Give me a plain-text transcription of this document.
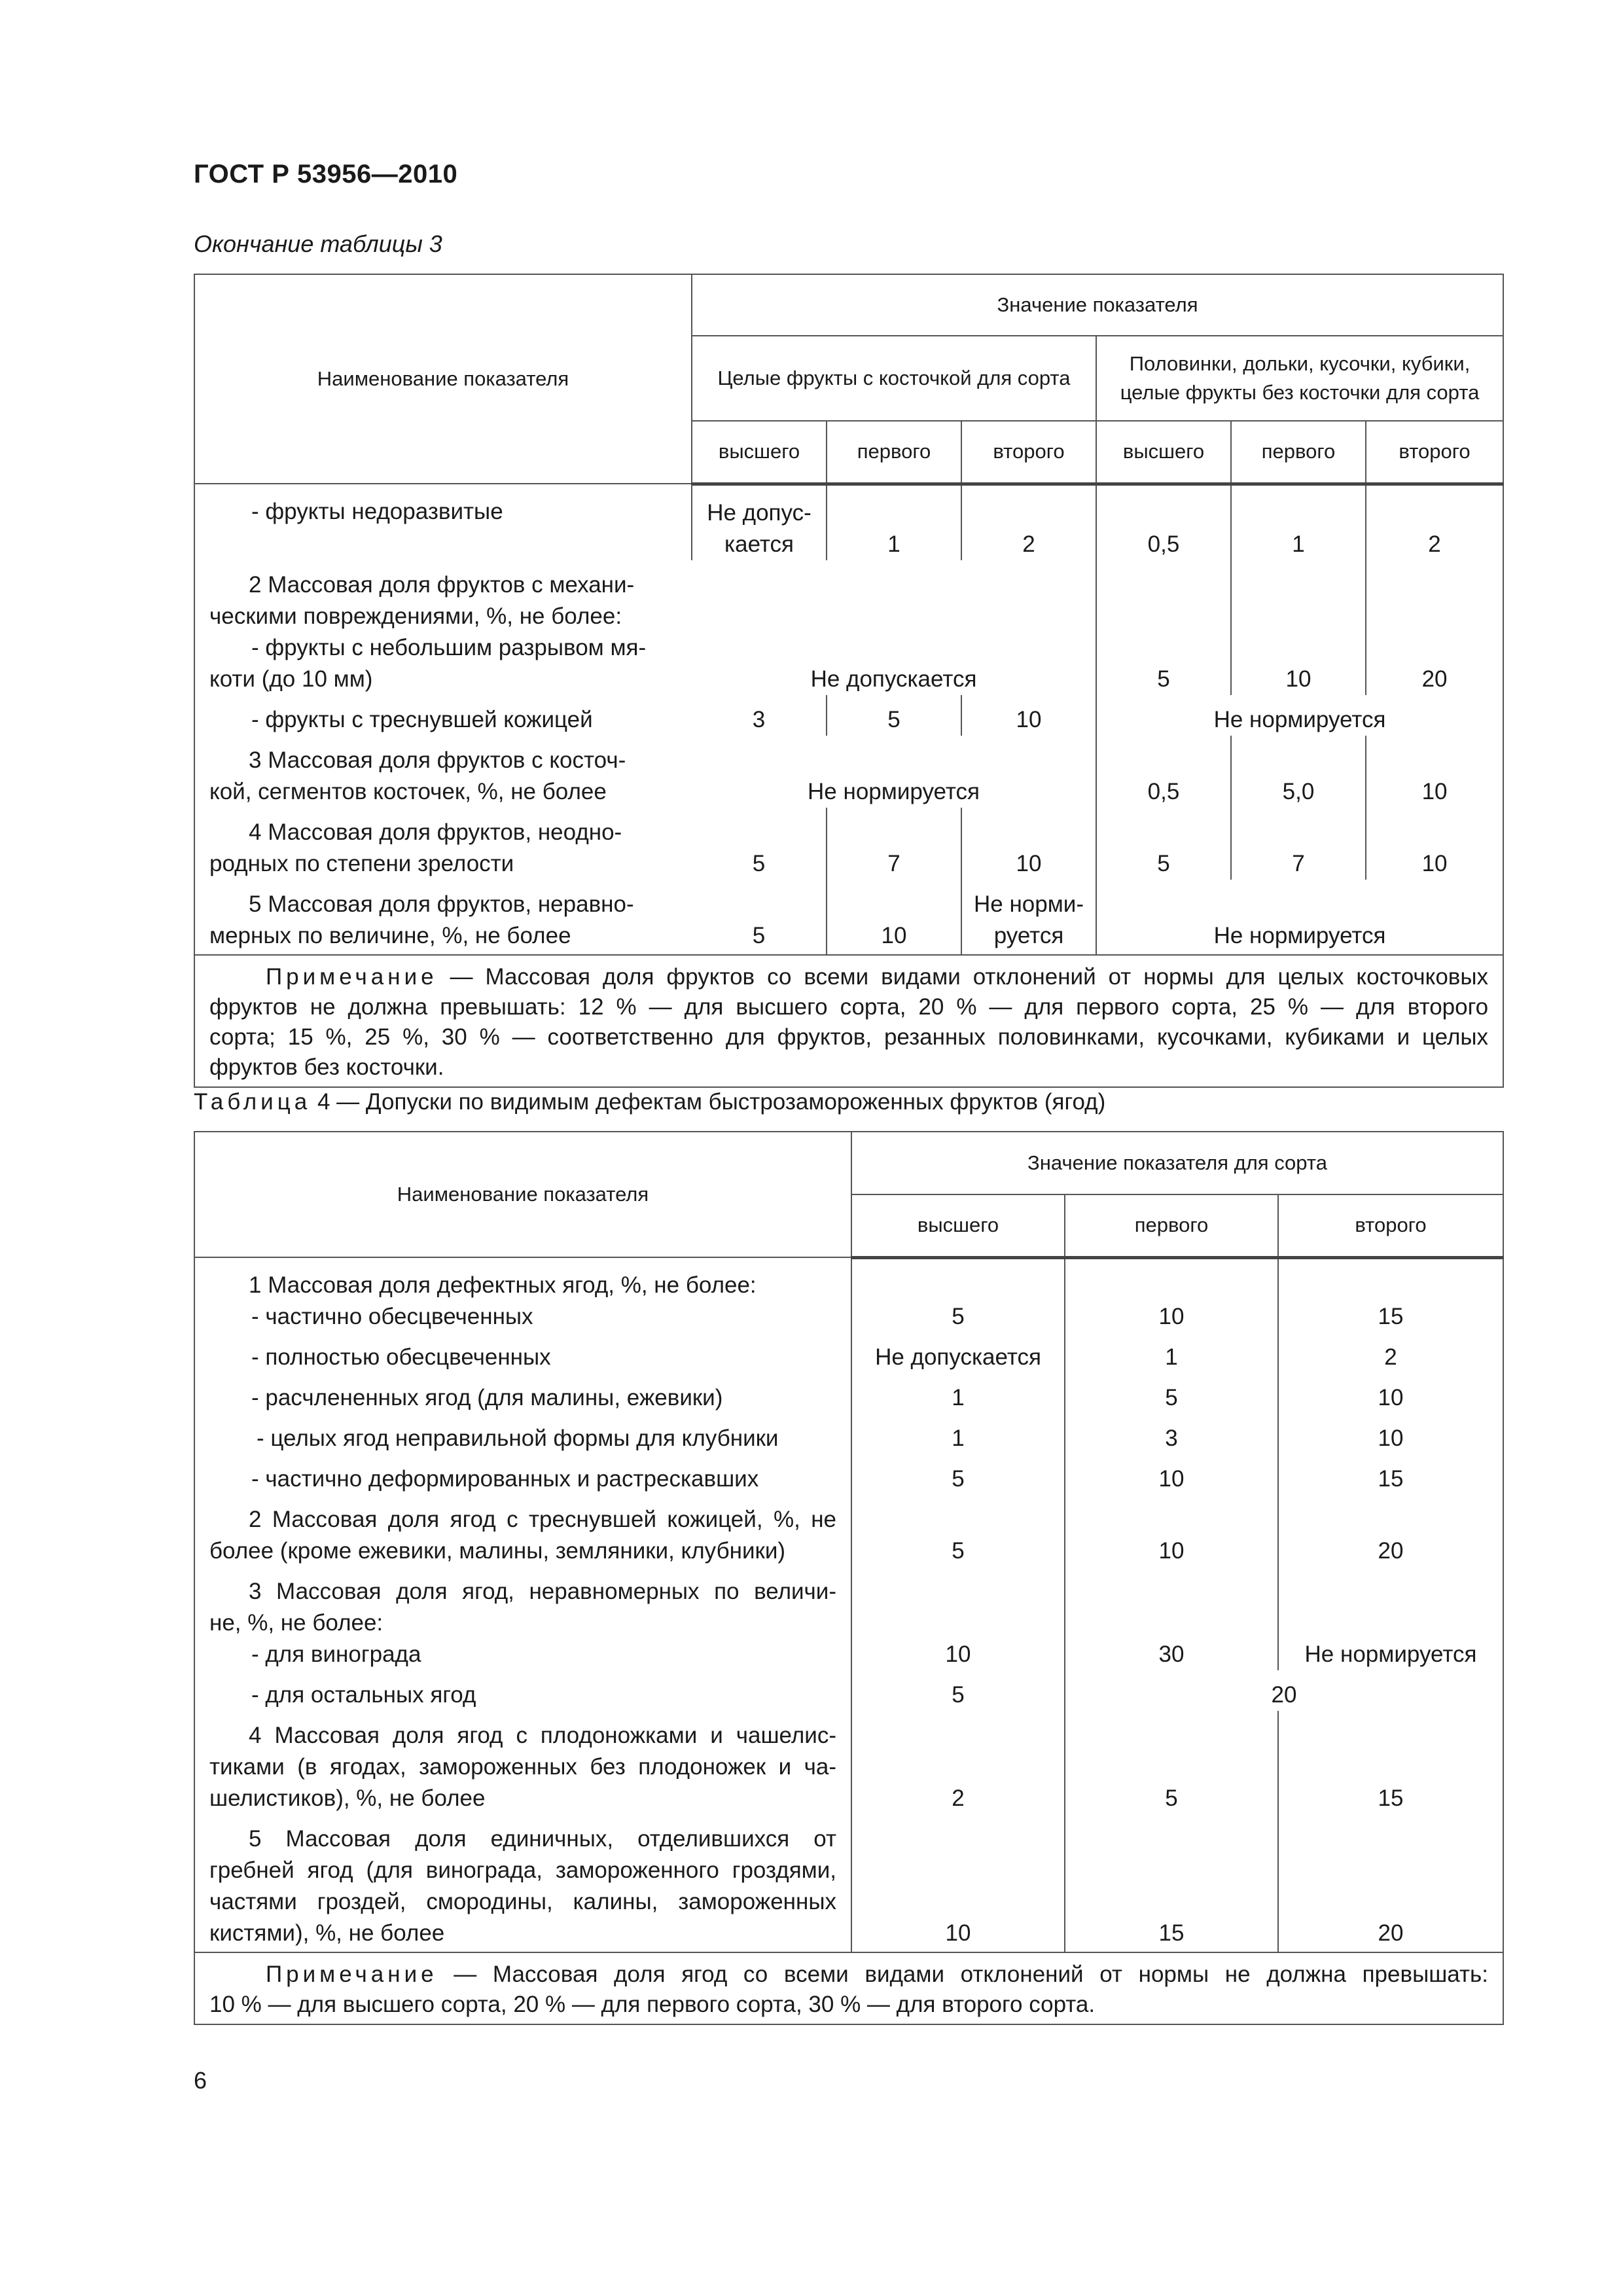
ГОСТ Р 53956—2010
Окончание таблицы 3
Наименование показателя	Значение показателя					
	Целые фрукты с косточкой для сорта			Половинки, дольки, кусочки, кубики,
целые фрукты без косточки для сорта		

	высшего	первого	второго	высшего	первого	второго

- фрукты недоразвитые	Не допус-
кается	1	2	0,5	1	2

2 Массовая доля фруктов с механи-
ческими повреждениями, %, не более:
- фрукты с небольшим разрывом мя-
коти (до 10 мм)	Не допускается			5	10	20

- фрукты с треснувшей кожицей	3	5	10	Не нормируется		

3 Массовая доля фруктов с косточ-
кой, сегментов косточек, %, не более	Не нормируется			0,5	5,0	10

4 Массовая доля фруктов, неодно-
родных по степени зрелости	5	7	10	5	7	10

5 Массовая доля фруктов, неравно-
мерных по величине, %, не более	5	10	Не норми-
руется	Не нормируется		

Примечание — Массовая доля фруктов со всеми видами отклонений от нормы для целых косточковых
фруктов не должна превышать: 12 % — для высшего сорта, 20 % — для первого сорта, 25 % — для второго
сорта; 15 %, 25 %, 30 % — соответственно для фруктов, резанных половинками, кусочками, кубиками и целых
фруктов без косточки.						
Таблица 4 — Допуски по видимым дефектам быстрозамороженных фруктов (ягод)
Наименование показателя	Значение показателя для сорта		
	высшего	первого	второго

1 Массовая доля дефектных ягод, %, не более:			

- частично обесцвеченных	5	10	15

- полностью обесцвеченных	Не допускается	1	2

- расчлененных ягод (для малины, ежевики)	1	5	10

- целых ягод неправильной формы для клубники	1	3	10

- частично деформированных и растрескавших	5	10	15

2 Массовая доля ягод с треснувшей кожицей, %, не
более (кроме ежевики, малины, земляники, клубники)	5	10	20

3 Массовая доля ягод, неравномерных по величи-
не, %, не более:
- для винограда	10	30	Не нормируется

- для остальных ягод	5	20	

4 Массовая доля ягод с плодоножками и чашелис-
тиками (в ягодах, замороженных без плодоножек и ча-
шелистиков), %, не более	2	5	15

5 Массовая доля единичных, отделившихся от
гребней ягод (для винограда, замороженного гроздями,
частями гроздей, смородины, калины, замороженных
кистями), %, не более	10	15	20

Примечание — Массовая доля ягод со всеми видами отклонений от нормы не должна превышать:
10 % — для высшего сорта, 20 % — для первого сорта, 30 % — для второго сорта.			
6
